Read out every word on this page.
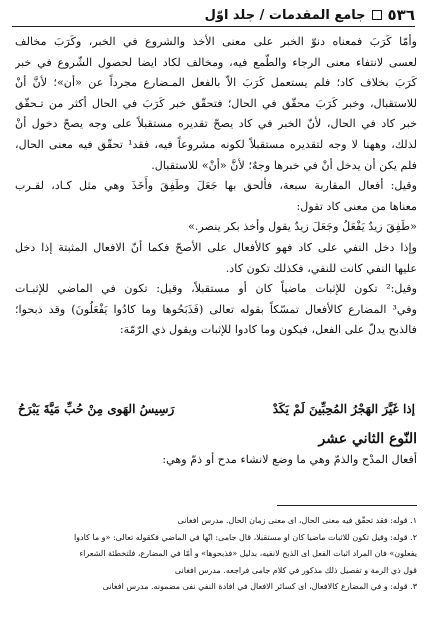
٥٣٦
جامع المقدمات / جلد اوّل

وأمّا كَرَبَ فمعناه دنوّ الخبر على معنى الأخذ والشروع في الخبر، وكَرَبَ مخالف
لعسى لانتفاء معنى الرجاء والطّمع فيه، ومخالف لكاد ايضا لحصول الشّروع في خبر
كَرَبَ بخلاف كاد؛ فلم يستعمل كَرَبَ الاّ بالفعل المـضارع مجرداً عن «أن»؛ لأنَّ أنْ
للاستقبال، وخبر كَرَبَ محقّق في الحال؛ فتحقّق خبر كَرَبَ في الحال أكثر من تـحقّق
خبر كاد في الحال، لأنّ الخبر في كاد يصحّ تقديره مستقبلاً على وجه يصحّ دخول أنْ
لذلك، وههنا لا وجه لتقديره مستقبلاً لكونه مشروعاً فيه، فقد¹ تحقّق فيه معنى الحال،
فلم يكن أن يدخل أنْ في خبرها وجهٌ؛ لأنَّ «أنْ» للاستقبال.

وقيل: أفعال المقاربة سبعة، فألحق بها جَعَلَ وطَفِقَ وأَخَذَ وهي مثل كـاد، لقـرب
معناها من معنى كاد تقول:

«طَفِقَ زيدٌ يَفْعَلُ وجَعَلَ زيدٌ يقول وأخذ بكر ينصر.»

وإذا دخل النفي على كاد فهو كالأفعال على الأصحّ فكما أنّ الافعال المثبتة إذا دخل
عليها النفي كانت للنفي، فكذلك تكون كاد.

وقيل:² تكون للإثبات ماضياً كان أو مستقبلاً، وقيل: تكون في الماضي للإثبـات
وفي³ المضارع كالأفعال تمسّكاً بقوله تعالى (فَذَبَحُوها وما كادُوا يَفْعَلُونَ) وقد ذبحوا؛
فالذبح يدلّ على الفعل، فيكون وما كادوا للإثبات ويقول ذي الرّمّة:

إذا غَيَّرَ الهَجْرُ المُحِبِّينَ لَمْ يَكَدْ
رَسِيسُ الهَوى مِنْ حُبِّ مَيَّةَ يَبْرَحُ
النّوع الثاني عشر
أفعال المدْح والذمّ وهي ما وضع لانشاء مدح أو ذمّ وهي:

١. قوله: فقد تحقّق فيه معنى الحال، اى معنى زمان الحال. مدرس افغانى

٢. قوله: وقيل تكون للاثبات ماضيا كان او مستقبلا، قال جامى: انّها في الماضي فكقوله تعالى: «و ما كادوا

يفعلون» فان المراد اثبات الفعل اى الذبح لانفيه، بدليل «فذبحوها» و أمّا في المضارع، فلتخطئة الشعراء

قول ذي الرمة و تفصيل ذلك مذكور في كلام جامى فراجعه. مدرس افغانى

٣. قوله: و في المضارع كالافعال، اى كسائر الافعال في افادة النفي نفى مضمونه. مدرس افغانى
